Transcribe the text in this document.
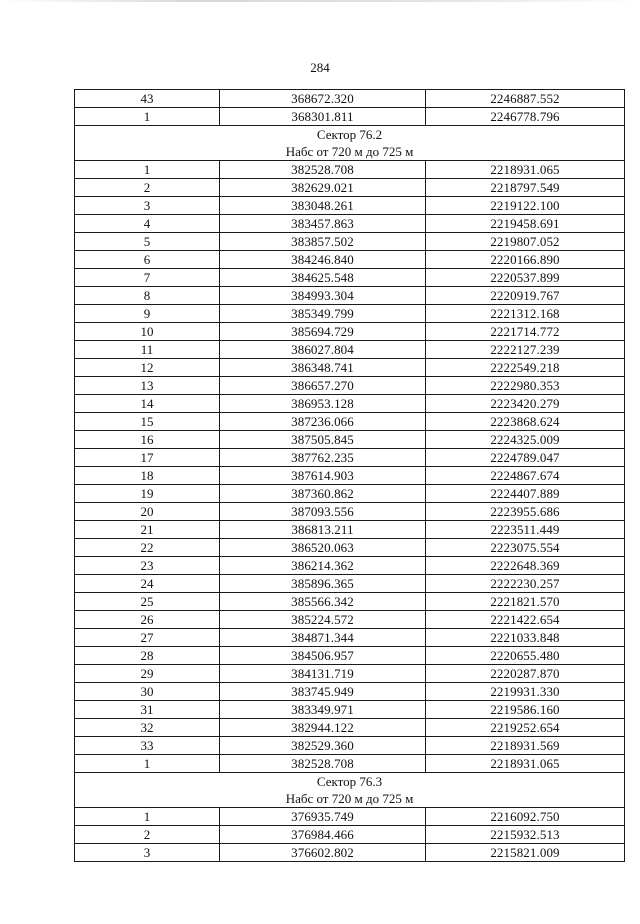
284
43	368672.320	2246887.552
1	368301.811	2246778.796

Сектор 76.2
Набс от 720 м до 725 м		

1	382528.708	2218931.065
2	382629.021	2218797.549
3	383048.261	2219122.100
4	383457.863	2219458.691
5	383857.502	2219807.052
6	384246.840	2220166.890
7	384625.548	2220537.899
8	384993.304	2220919.767
9	385349.799	2221312.168
10	385694.729	2221714.772
11	386027.804	2222127.239
12	386348.741	2222549.218
13	386657.270	2222980.353
14	386953.128	2223420.279
15	387236.066	2223868.624
16	387505.845	2224325.009
17	387762.235	2224789.047
18	387614.903	2224867.674
19	387360.862	2224407.889
20	387093.556	2223955.686
21	386813.211	2223511.449
22	386520.063	2223075.554
23	386214.362	2222648.369
24	385896.365	2222230.257
25	385566.342	2221821.570
26	385224.572	2221422.654
27	384871.344	2221033.848
28	384506.957	2220655.480
29	384131.719	2220287.870
30	383745.949	2219931.330
31	383349.971	2219586.160
32	382944.122	2219252.654
33	382529.360	2218931.569
1	382528.708	2218931.065

Сектор 76.3
Набс от 720 м до 725 м		

1	376935.749	2216092.750
2	376984.466	2215932.513
3	376602.802	2215821.009
